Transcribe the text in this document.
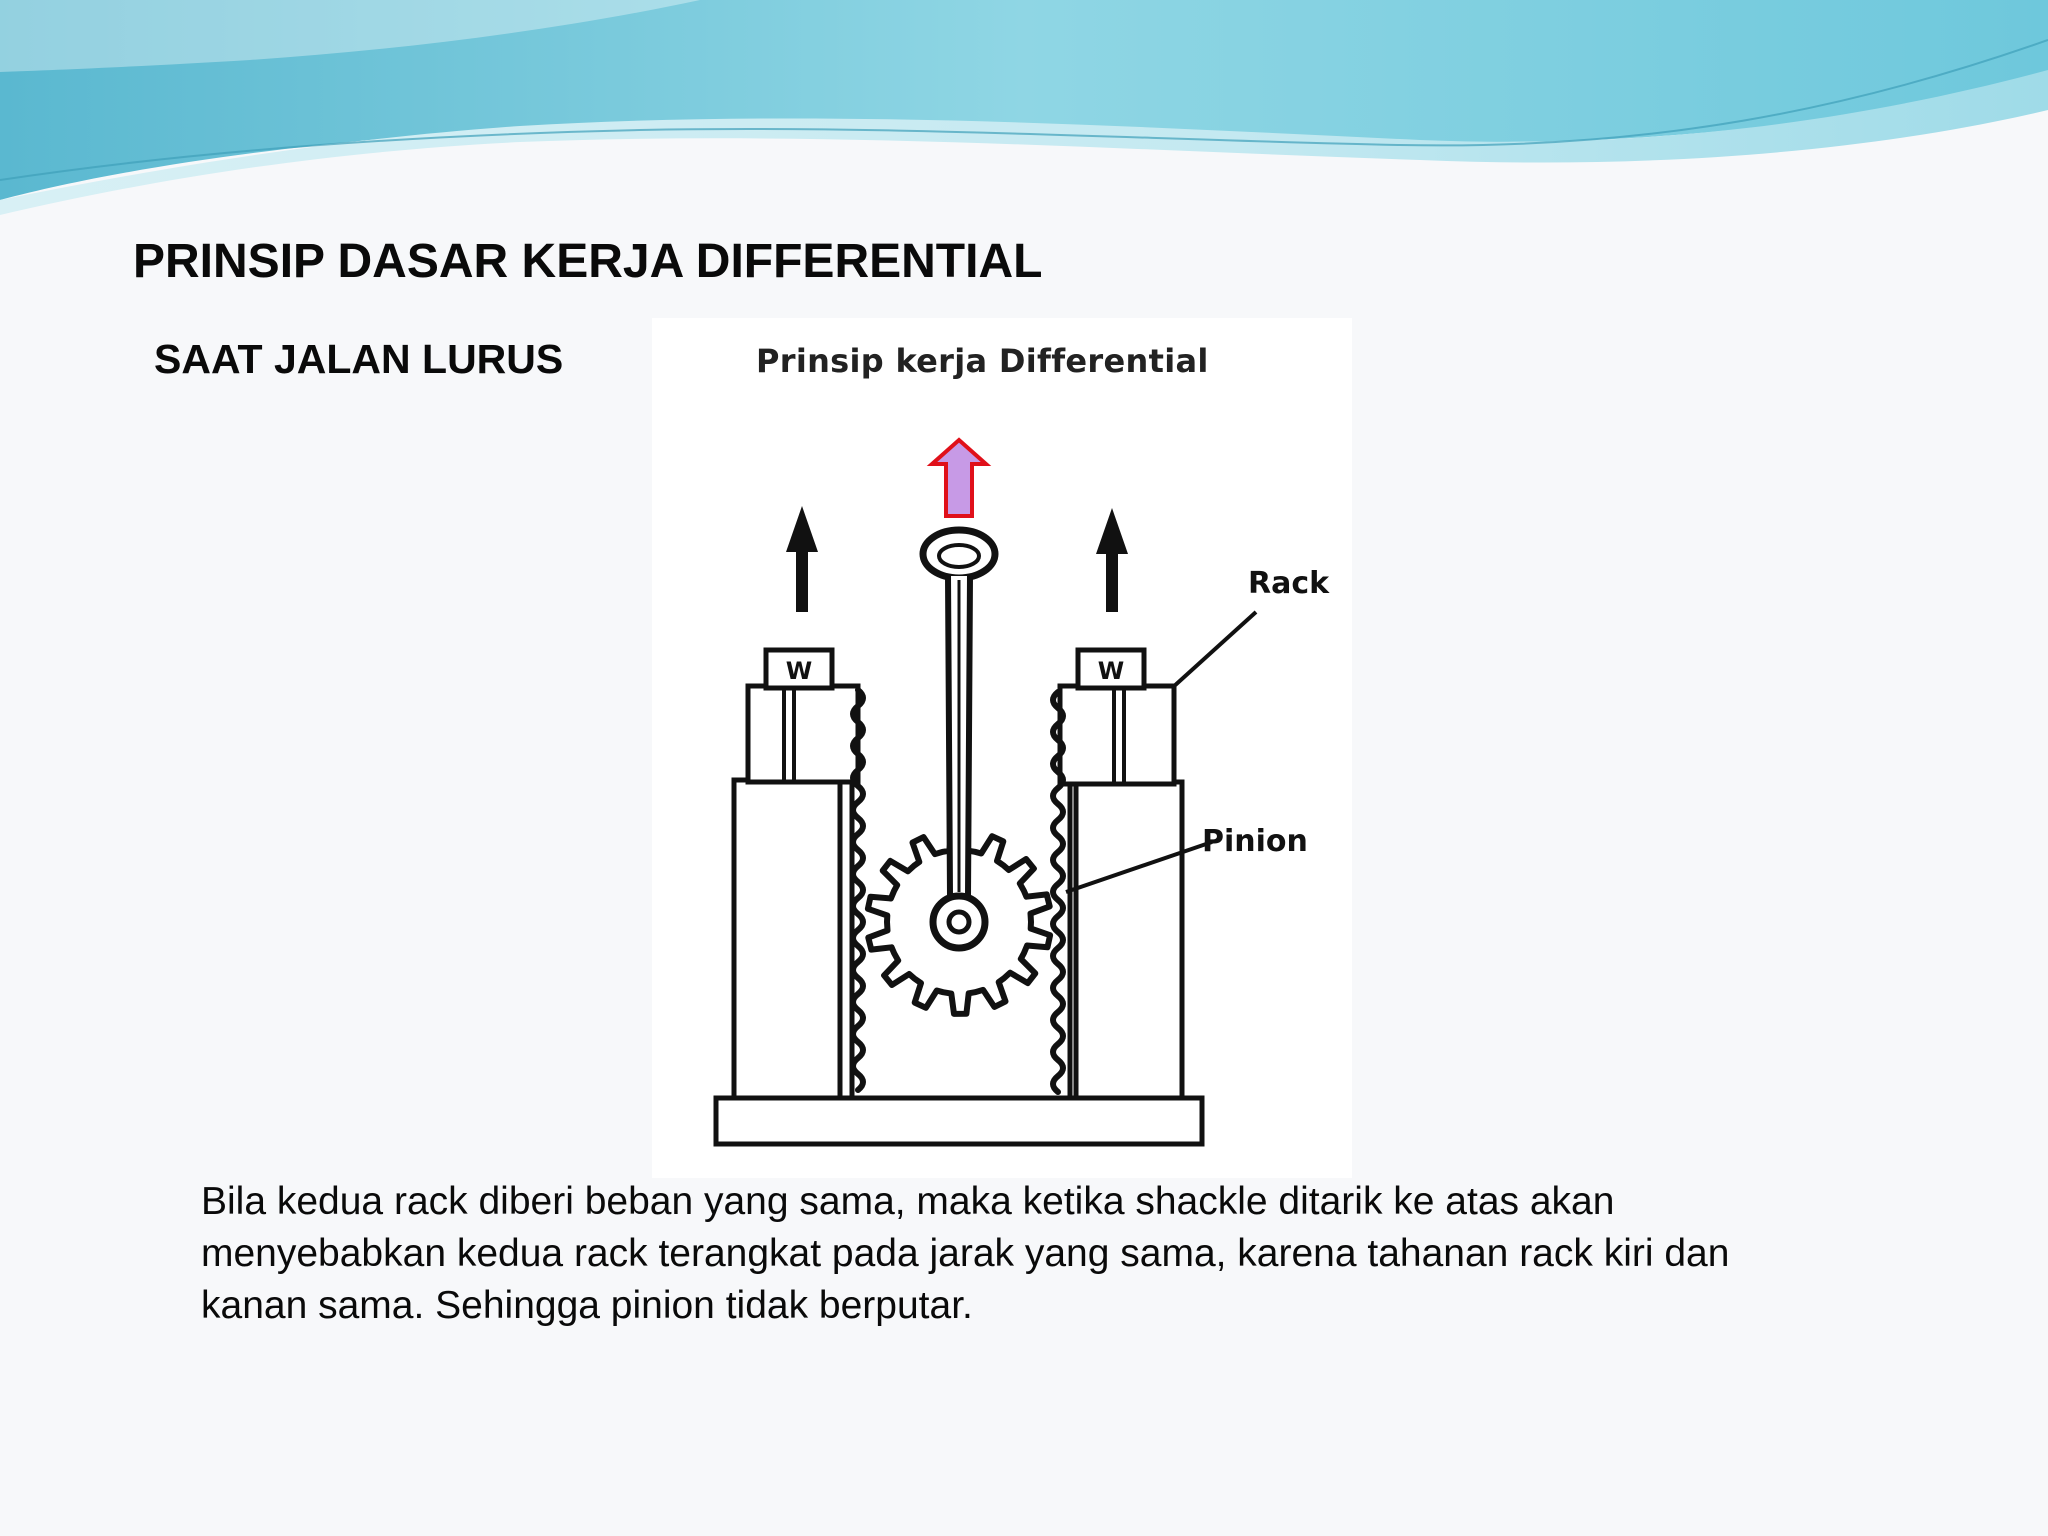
PRINSIP DASAR KERJA DIFFERENTIAL
SAAT JALAN LURUS	Prinsip kerja Differential
W	W
Rack
Pinion

Bila kedua rack diberi beban yang sama, maka ketika shackle ditarik ke atas akan menyebabkan kedua rack terangkat pada jarak yang sama, karena tahanan rack kiri dan kanan sama. Sehingga pinion tidak berputar.
